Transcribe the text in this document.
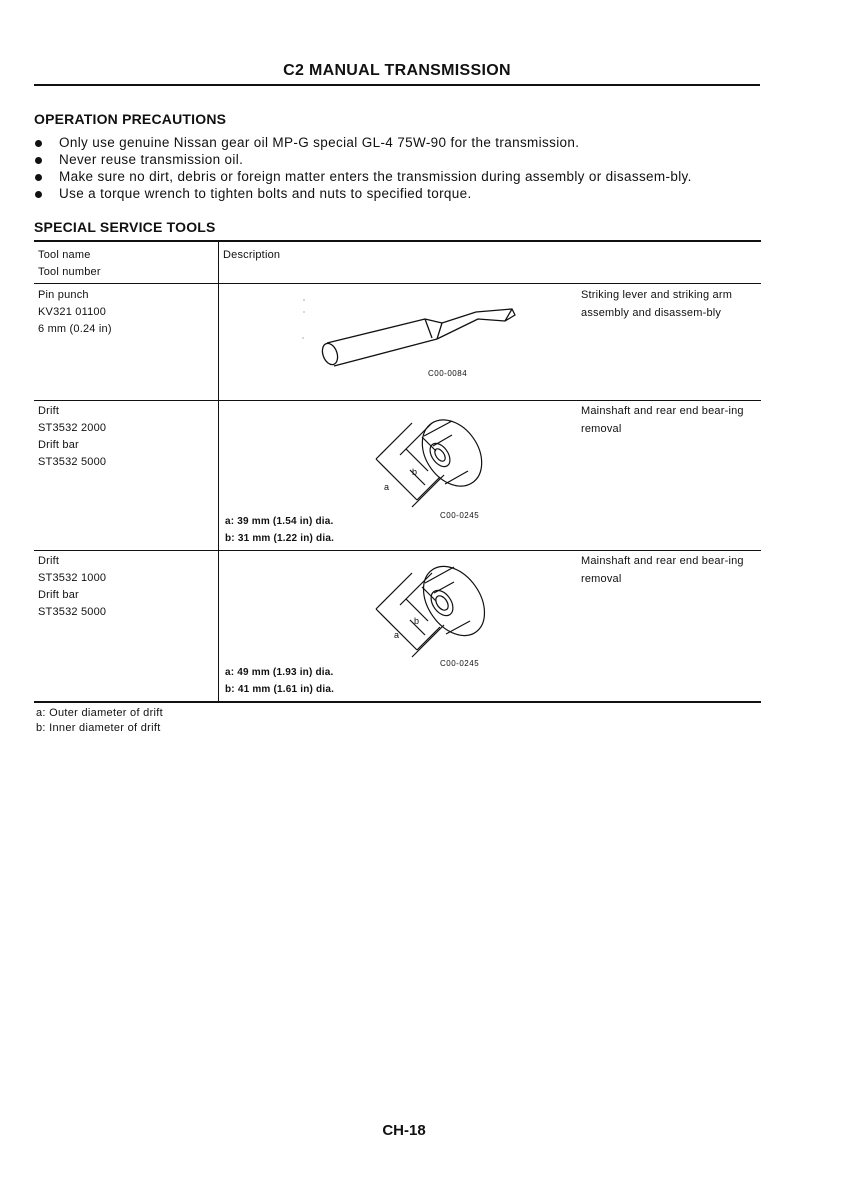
C2 MANUAL TRANSMISSION
OPERATION PRECAUTIONS
Only use genuine Nissan gear oil MP-G special GL-4 75W-90 for the transmission.
Never reuse transmission oil.
Make sure no dirt, debris or foreign matter enters the transmission during assembly or disassem-bly.
Use a torque wrench to tighten bolts and nuts to specified torque.
SPECIAL SERVICE TOOLS
Tool name
Tool number
Description
Pin punch
KV321 01100
6 mm (0.24 in)
C00-0084
Striking lever and striking arm assembly and disassem-bly
Drift
ST3532 2000
Drift bar
ST3532 5000
a
b
C00-0245
a: 39 mm (1.54 in) dia.
b: 31 mm (1.22 in) dia.
Mainshaft and rear end bear-ing removal
Drift
ST3532 1000
Drift bar
ST3532 5000
a
b
C00-0245
a: 49 mm (1.93 in) dia.
b: 41 mm (1.61 in) dia.
Mainshaft and rear end bear-ing removal
a: Outer diameter of drift
b: Inner diameter of drift
CH-18
